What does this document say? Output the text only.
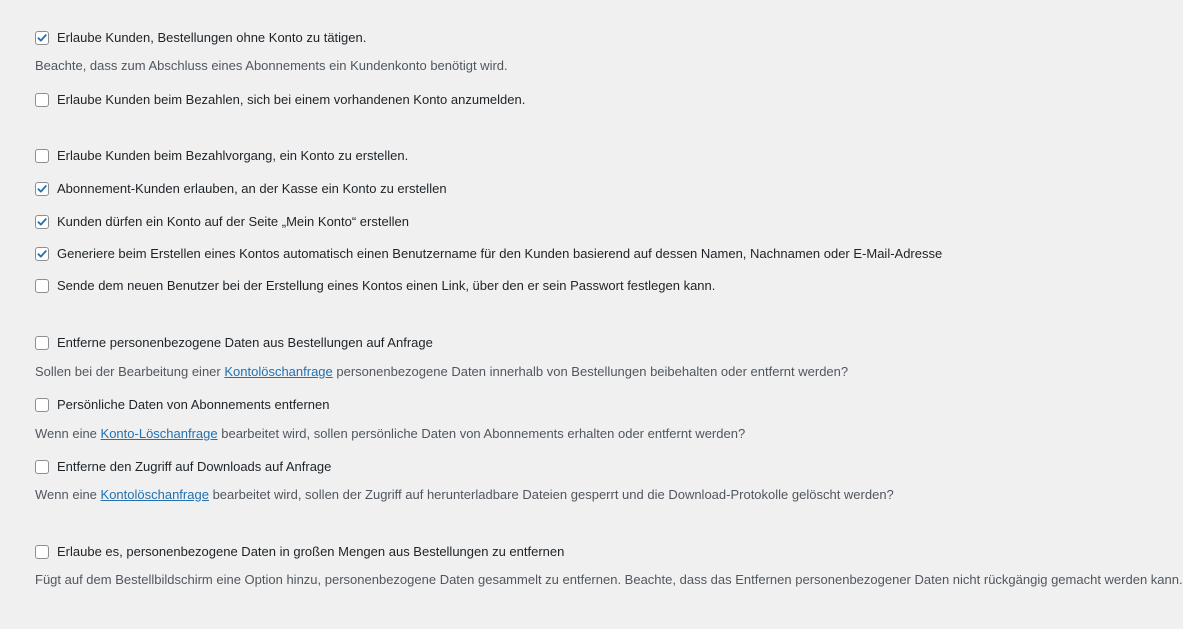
Erlaube Kunden, Bestellungen ohne Konto zu tätigen.
Beachte, dass zum Abschluss eines Abonnements ein Kundenkonto benötigt wird.
Erlaube Kunden beim Bezahlen, sich bei einem vorhandenen Konto anzumelden.
Erlaube Kunden beim Bezahlvorgang, ein Konto zu erstellen.
Abonnement-Kunden erlauben, an der Kasse ein Konto zu erstellen
Kunden dürfen ein Konto auf der Seite „Mein Konto“ erstellen
Generiere beim Erstellen eines Kontos automatisch einen Benutzername für den Kunden basierend auf dessen Namen, Nachnamen oder E-Mail-Adresse
Sende dem neuen Benutzer bei der Erstellung eines Kontos einen Link, über den er sein Passwort festlegen kann.
Entferne personenbezogene Daten aus Bestellungen auf Anfrage
Sollen bei der Bearbeitung einer Kontolöschanfrage personenbezogene Daten innerhalb von Bestellungen beibehalten oder entfernt werden?
Persönliche Daten von Abonnements entfernen
Wenn eine Konto-Löschanfrage bearbeitet wird, sollen persönliche Daten von Abonnements erhalten oder entfernt werden?
Entferne den Zugriff auf Downloads auf Anfrage
Wenn eine Kontolöschanfrage bearbeitet wird, sollen der Zugriff auf herunterladbare Dateien gesperrt und die Download-Protokolle gelöscht werden?
Erlaube es, personenbezogene Daten in großen Mengen aus Bestellungen zu entfernen
Fügt auf dem Bestellbildschirm eine Option hinzu, personenbezogene Daten gesammelt zu entfernen. Beachte, dass das Entfernen personenbezogener Daten nicht rückgängig gemacht werden kann.
